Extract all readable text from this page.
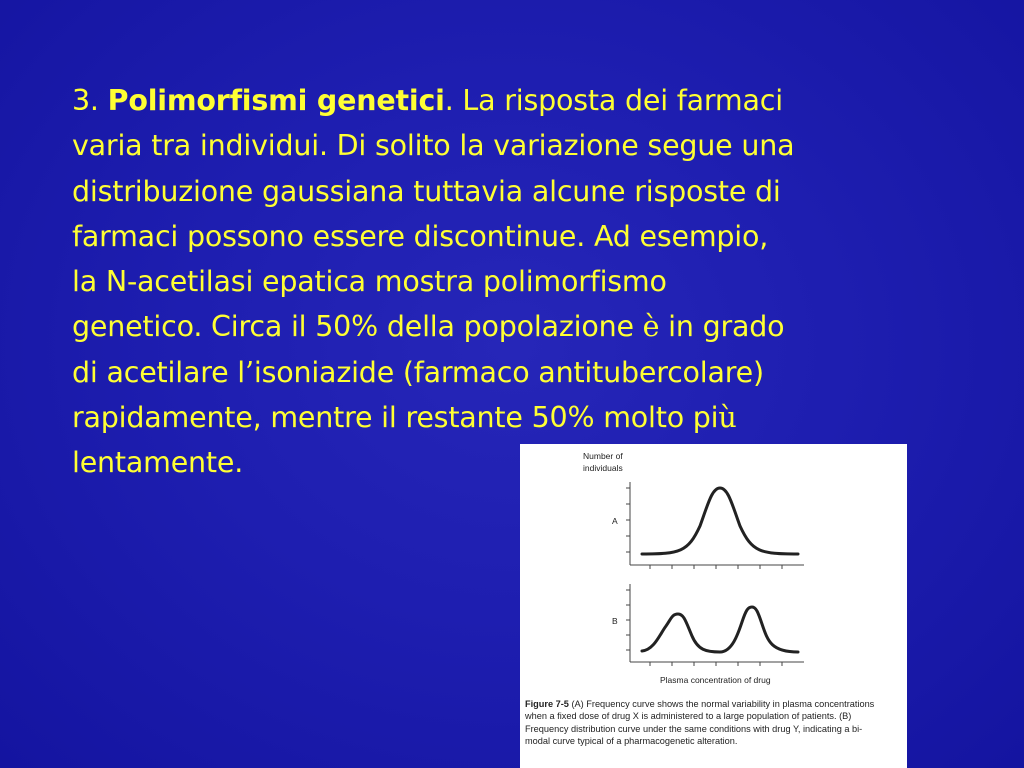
3. Polimorfismi genetici. La risposta dei farmaci
varia tra individui. Di solito la variazione segue una
distribuzione gaussiana tuttavia alcune risposte di
farmaci possono essere discontinue. Ad esempio,
la N-acetilasi epatica mostra polimorfismo
genetico. Circa il 50% della popolazione è in grado
di acetilare l’isoniazide (farmaco antitubercolare)
rapidamente, mentre il restante 50% molto più
lentamente.	Number of
individuals
A
B
Plasma concentration of drug
Figure 7-5 (A) Frequency curve shows the normal variability in plasma concentrations
when a fixed dose of drug X is administered to a large population of patients. (B)
Frequency distribution curve under the same conditions with drug Y, indicating a bi-
modal curve typical of a pharmacogenetic alteration.
